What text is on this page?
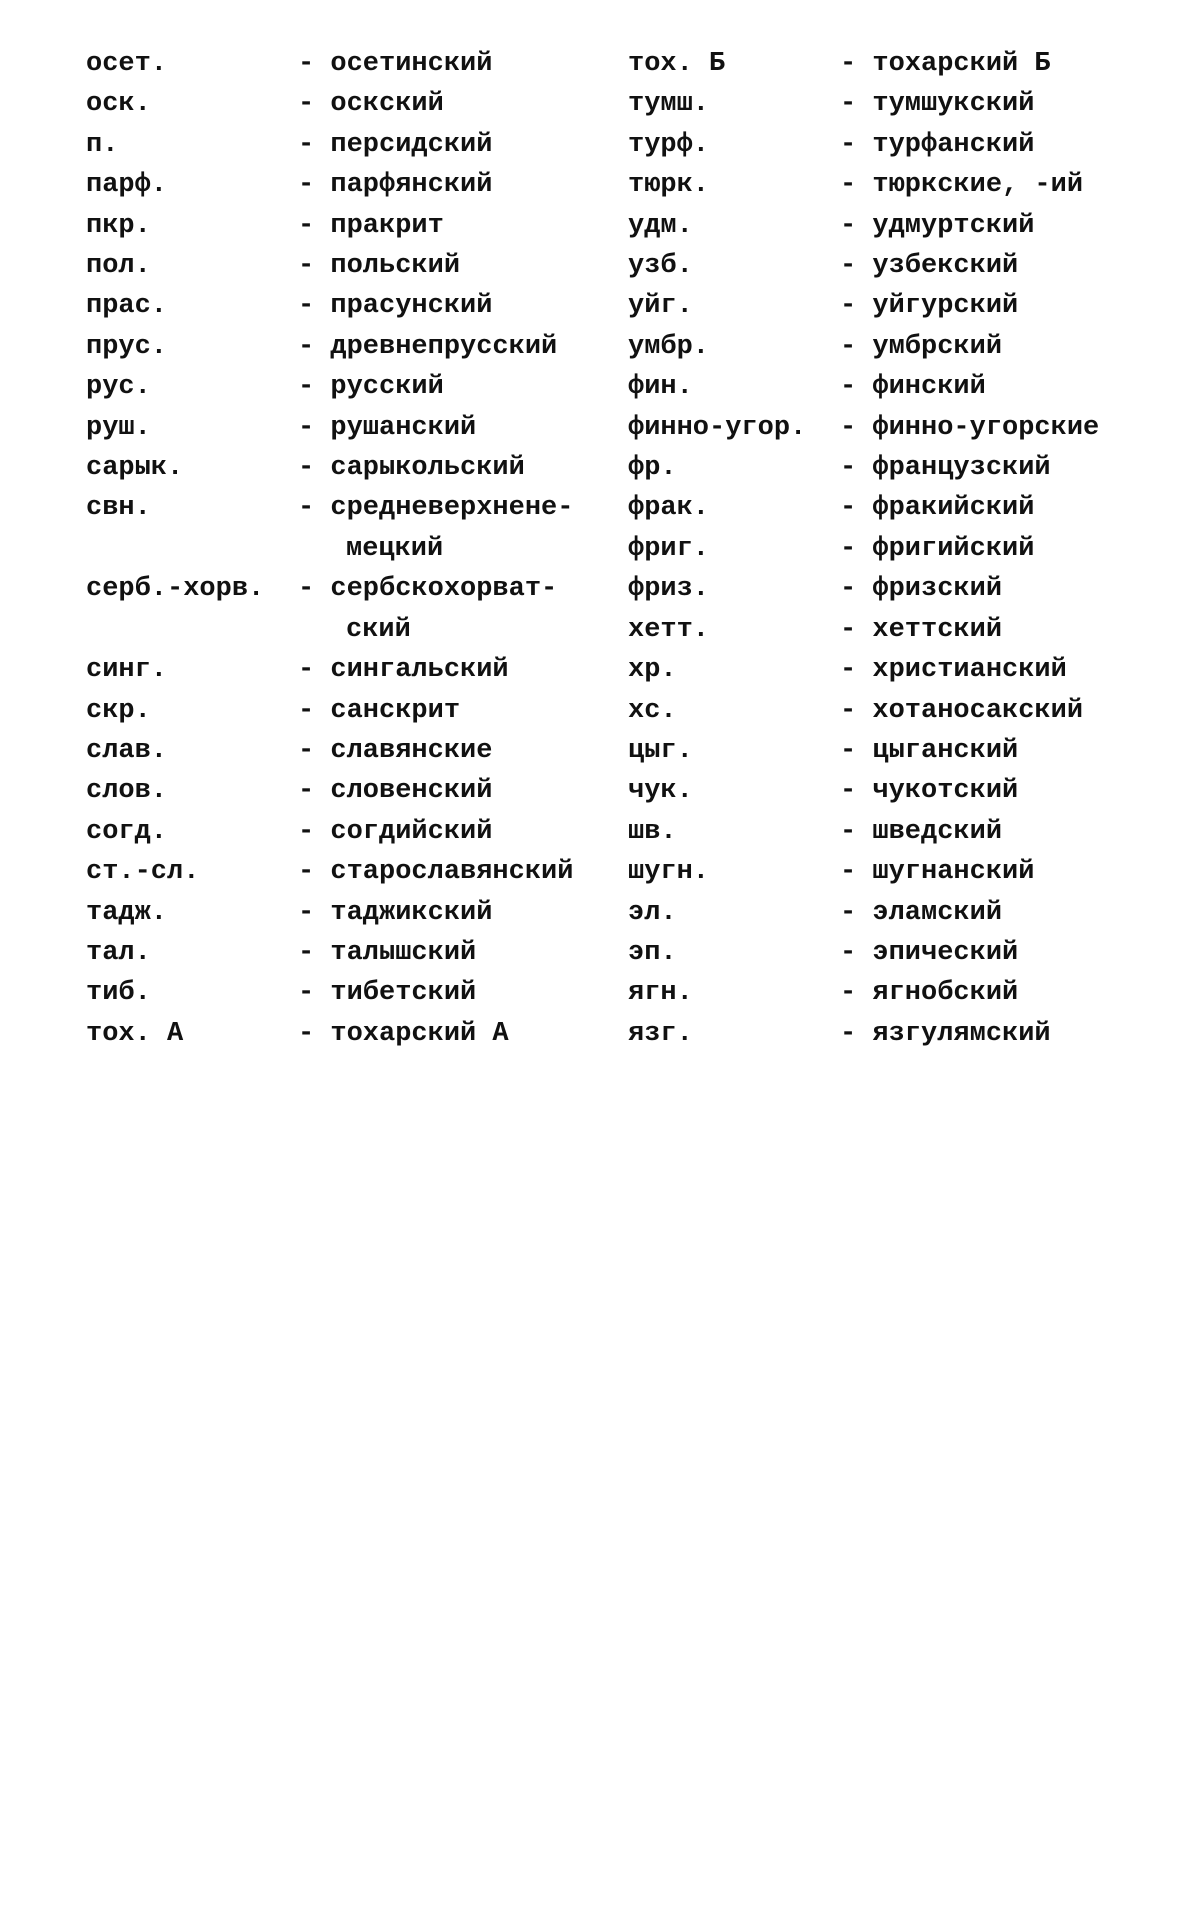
осет.	- осетинский
оск.	- оскский
п.	- персидский
парф.	- парфянский
пкр.	- пракрит
пол.	- польский
прас.	- прасунский
прус.	- древнепрусский
рус.	- русский
руш.	- рушанский
сарык.	- сарыкольский
свн.	- средневерхнене-
мецкий
серб.-хорв. - сербскохорват-
ский
синг.	- сингальский
скр.	- санскрит
слав.	- славянские
слов.	- словенский
согд.	- согдийский
ст.-сл.	- старославянский
тадж.	- таджикский
тал.	- талышский
тиб.	- тибетский
тох. А	- тохарский А
тох. Б	- тохарский Б
тумш.	- тумшукский
турф.	- турфанский
тюрк.	- тюркские, -ий
удм.	- удмуртский
узб.	- узбекский
уйг.	- уйгурский
умбр.	- умбрский
фин.	- финский
финно-угор. - финно-угорские
фр.	- французский
фрак.	- фракийский
фриг.	- фригийский
фриз.	- фризский
хетт.	- хеттский
хр.	- христианский
хс.	- хотаносакский
цыг.	- цыганский
чук.	- чукотский
шв.	- шведский
шугн.	- шугнанский
эл.	- эламский
эп.	- эпический
ягн.	- ягнобский
язг.	- язгулямский
